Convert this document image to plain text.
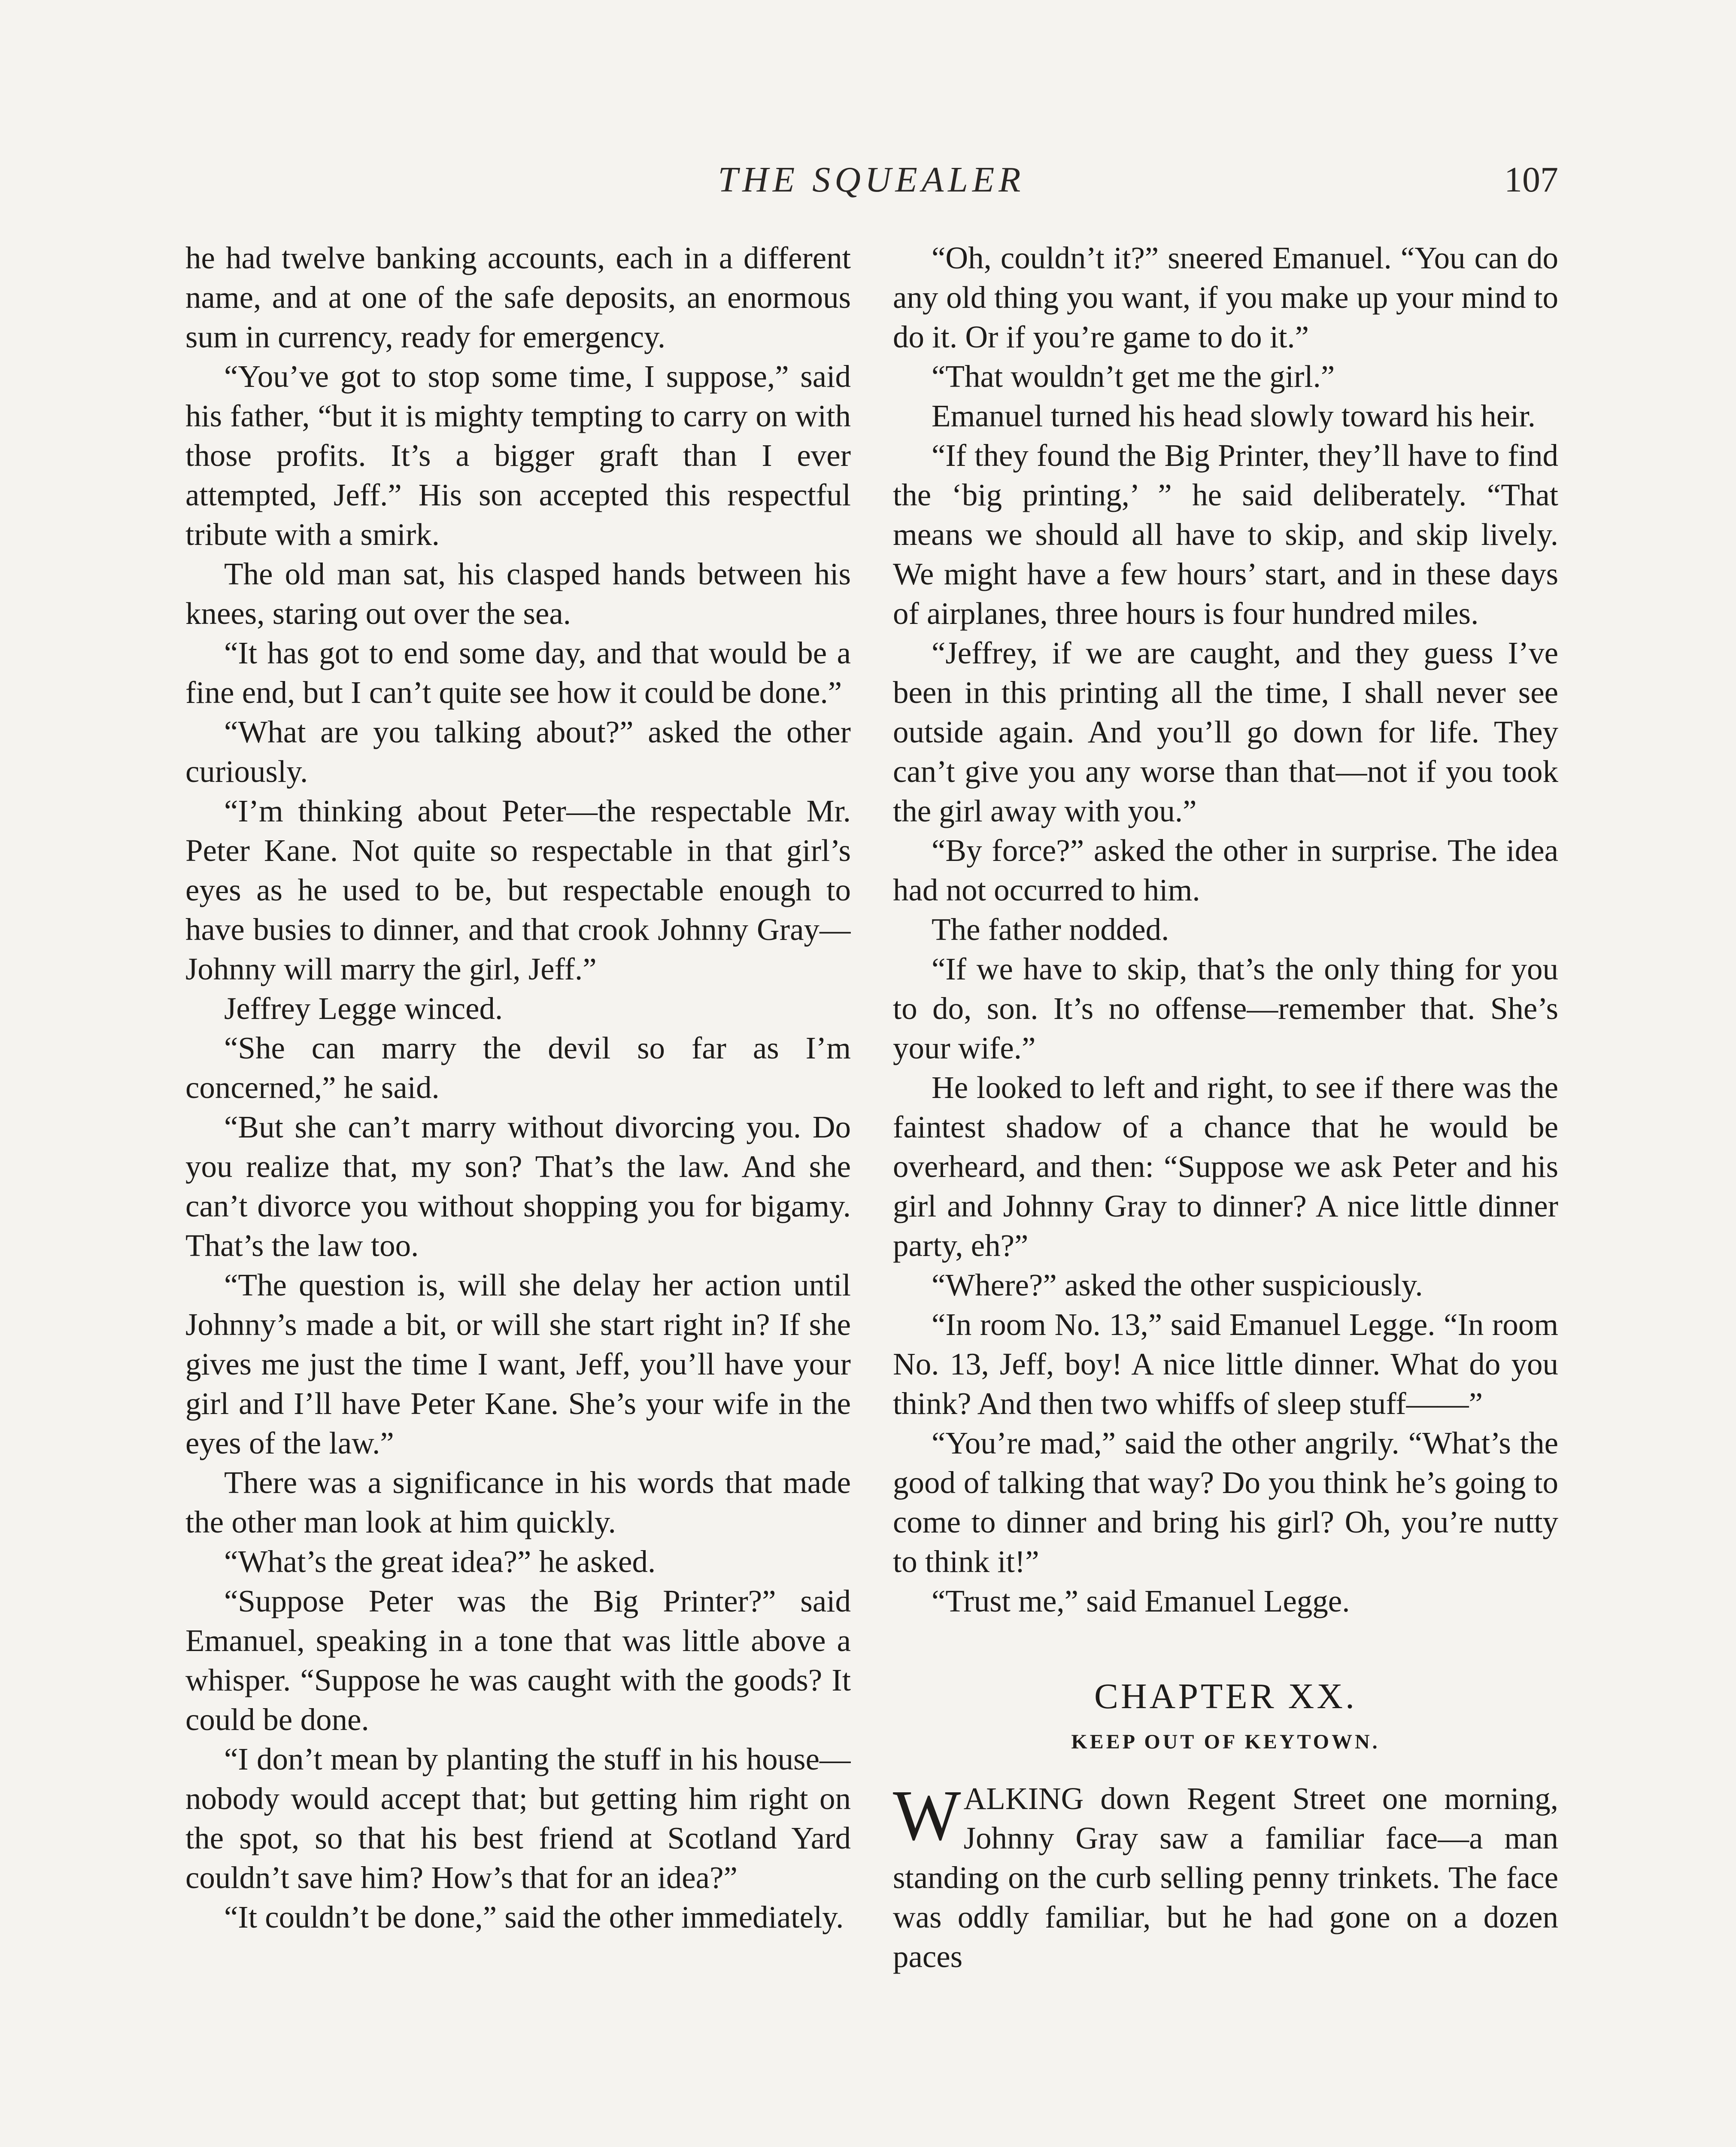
THE SQUEALER	107

he had twelve banking accounts, each in a different name, and at one of the safe deposits, an enormous sum in currency, ready for emergency.

“You’ve got to stop some time, I suppose,” said his father, “but it is mighty tempting to carry on with those profits. It’s a bigger graft than I ever attempted, Jeff.” His son accepted this respectful tribute with a smirk.

The old man sat, his clasped hands between his knees, staring out over the sea.

“It has got to end some day, and that would be a fine end, but I can’t quite see how it could be done.”

“What are you talking about?” asked the other curiously.

“I’m thinking about Peter—the respectable Mr. Peter Kane. Not quite so respectable in that girl’s eyes as he used to be, but respectable enough to have busies to dinner, and that crook Johnny Gray—Johnny will marry the girl, Jeff.”

Jeffrey Legge winced.

“She can marry the devil so far as I’m concerned,” he said.

“But she can’t marry without divorcing you. Do you realize that, my son? That’s the law. And she can’t divorce you without shopping you for bigamy. That’s the law too.

“The question is, will she delay her action until Johnny’s made a bit, or will she start right in? If she gives me just the time I want, Jeff, you’ll have your girl and I’ll have Peter Kane. She’s your wife in the eyes of the law.”

There was a significance in his words that made the other man look at him quickly.

“What’s the great idea?” he asked.

“Suppose Peter was the Big Printer?” said Emanuel, speaking in a tone that was little above a whisper. “Suppose he was caught with the goods? It could be done.

“I don’t mean by planting the stuff in his house—nobody would accept that; but getting him right on the spot, so that his best friend at Scotland Yard couldn’t save him? How’s that for an idea?”

“It couldn’t be done,” said the other immediately.

“Oh, couldn’t it?” sneered Emanuel. “You can do any old thing you want, if you make up your mind to do it. Or if you’re game to do it.”

“That wouldn’t get me the girl.”

Emanuel turned his head slowly toward his heir.

“If they found the Big Printer, they’ll have to find the ‘big printing,’ ” he said deliberately. “That means we should all have to skip, and skip lively. We might have a few hours’ start, and in these days of airplanes, three hours is four hundred miles.

“Jeffrey, if we are caught, and they guess I’ve been in this printing all the time, I shall never see outside again. And you’ll go down for life. They can’t give you any worse than that—not if you took the girl away with you.”

“By force?” asked the other in surprise. The idea had not occurred to him.

The father nodded.

“If we have to skip, that’s the only thing for you to do, son. It’s no offense—remember that. She’s your wife.”

He looked to left and right, to see if there was the faintest shadow of a chance that he would be overheard, and then: “Suppose we ask Peter and his girl and Johnny Gray to dinner? A nice little dinner party, eh?”

“Where?” asked the other suspiciously.

“In room No. 13,” said Emanuel Legge. “In room No. 13, Jeff, boy! A nice little dinner. What do you think? And then two whiffs of sleep stuff——”

“You’re mad,” said the other angrily. “What’s the good of talking that way? Do you think he’s going to come to dinner and bring his girl? Oh, you’re nutty to think it!”

“Trust me,” said Emanuel Legge.

CHAPTER XX.
KEEP OUT OF KEYTOWN.

WALKING down Regent Street one morning, Johnny Gray saw a familiar face—a man standing on the curb selling penny trinkets. The face was oddly familiar, but he had gone on a dozen paces
